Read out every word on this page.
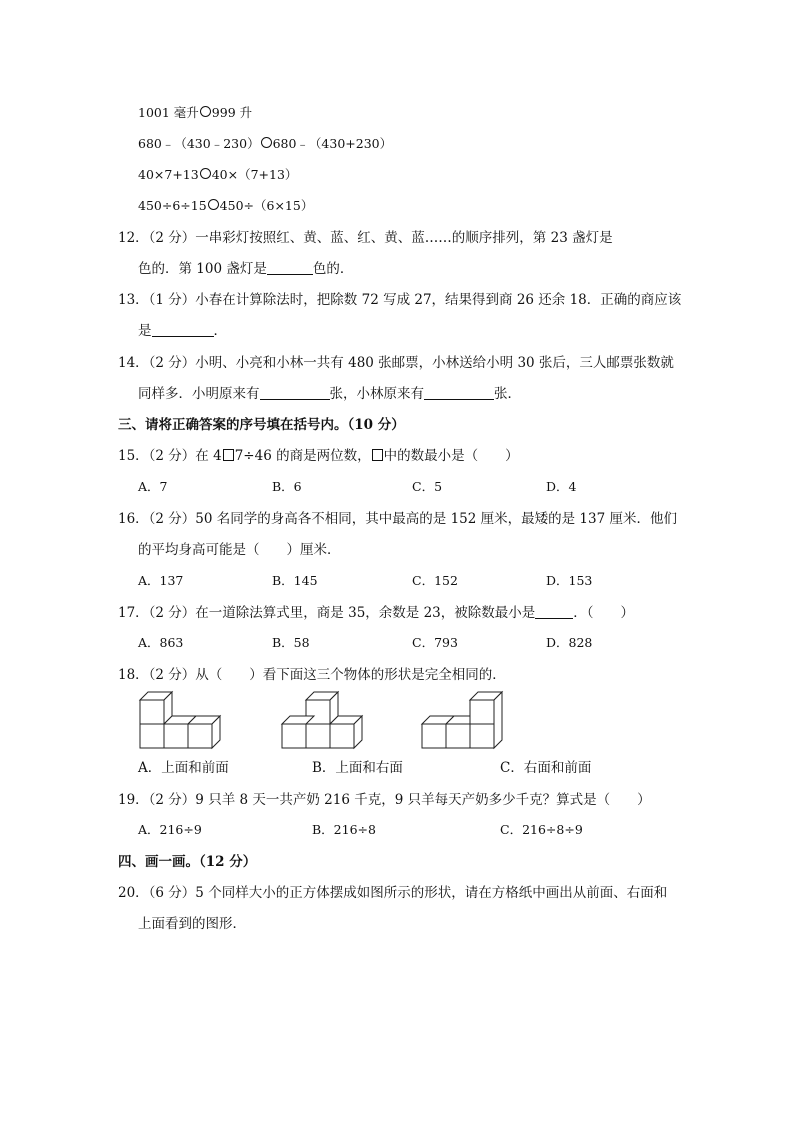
1001 毫升 999 升
680﹣（430﹣230） 680﹣（430+230）
40×7+13 40×（7+13）
450÷6÷15 450÷（6×15）
12．（2 分）一串彩灯按照红、黄、蓝、红、黄、蓝……的顺序排列，第 23 盏灯是
色的．第 100 盏灯是	色的．
13．（1 分）小春在计算除法时，把除数 72 写成 27，结果得到商 26 还余 18．正确的商应该
是	．
14．（2 分）小明、小亮和小林一共有 480 张邮票，小林送给小明 30 张后，三人邮票张数就
同样多．小明原来有	张，小林原来有	张．
三、请将正确答案的序号填在括号内。（10 分）
15．（2 分）在 4 7÷46 的商是两位数， 中的数最小是（　　）
A．7	B．6	C．5	D．4
16．（2 分）50 名同学的身高各不相同，其中最高的是 152 厘米，最矮的是 137 厘米．他们
的平均身高可能是（　　）厘米．
A．137	B．145	C．152	D．153
17．（2 分）在一道除法算式里，商是 35，余数是 23，被除数最小是	．（　　）
A．863	B．58	C．793	D．828
18．（2 分）从（　　）看下面这三个物体的形状是完全相同的．
A．上面和前面	B．上面和右面	C．右面和前面
19．（2 分）9 只羊 8 天一共产奶 216 千克，9 只羊每天产奶多少千克？算式是（　　）
A．216÷9	B．216÷8	C．216÷8÷9
四、画一画。（12 分）
20．（6 分）5 个同样大小的正方体摆成如图所示的形状，请在方格纸中画出从前面、右面和
上面看到的图形．
